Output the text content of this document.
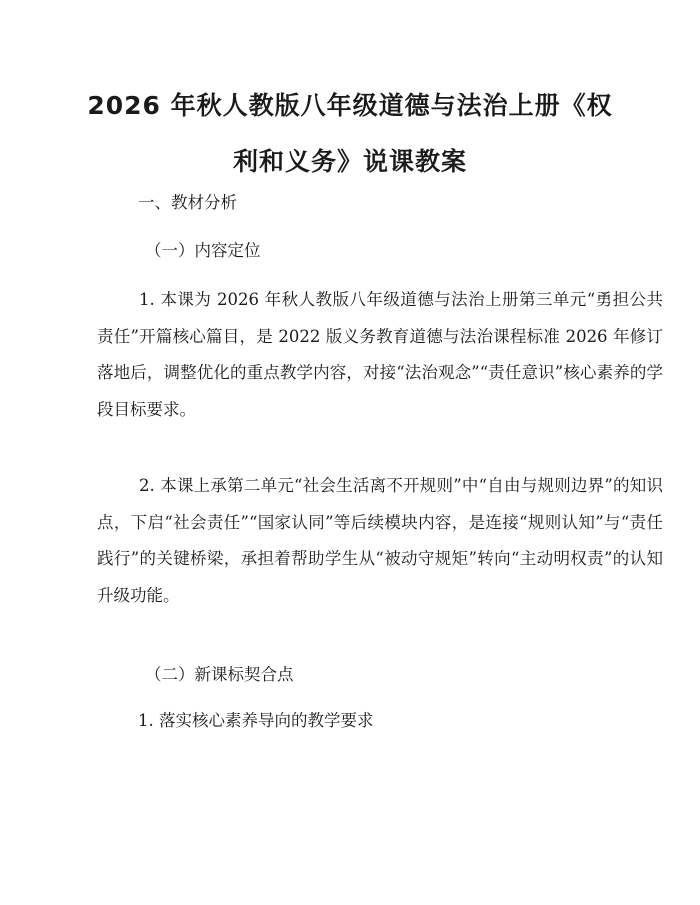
2026 年秋人教版八年级道德与法治上册《权
利和义务》说课教案

一、教材分析

（一）内容定位

1. 本课为 2026 年秋人教版八年级道德与法治上册第三单元“勇担公共责任”开篇核心篇目，是 2022 版义务教育道德与法治课程标准 2026 年修订落地后，调整优化的重点教学内容，对接“法治观念”“责任意识”核心素养的学段目标要求。

2. 本课上承第二单元“社会生活离不开规则”中“自由与规则边界”的知识点，下启“社会责任”“国家认同”等后续模块内容，是连接“规则认知”与“责任践行”的关键桥梁，承担着帮助学生从“被动守规矩”转向“主动明权责”的认知升级功能。

（二）新课标契合点

1. 落实核心素养导向的教学要求
